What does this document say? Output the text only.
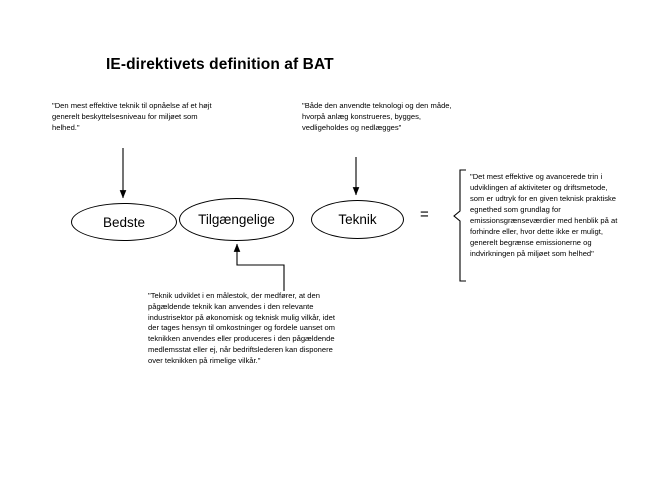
IE-direktivets definition af BAT
"Den mest effektive teknik til opnåelse af et højt generelt beskyttelsesniveau for miljøet som helhed."
"Både den anvendte teknologi og den måde, hvorpå anlæg konstrueres, bygges, vedligeholdes og nedlægges"
"Teknik udviklet i en målestok, der medfører, at den pågældende teknik kan anvendes i den relevante industrisektor på økonomisk og teknisk mulig vilkår, idet der tages hensyn til omkostninger og fordele uanset om teknikken anvendes eller produceres i den pågældende medlemsstat eller ej, når bedriftslederen kan disponere over teknikken på rimelige vilkår."
"Det mest effektive og avancerede trin i udviklingen af aktiviteter og driftsmetode, som er udtryk for en given teknisk praktiske egnethed som grundlag for emissionsgrænseværdier med henblik på at forhindre eller, hvor dette ikke er muligt, generelt begrænse emissionerne og indvirkningen på miljøet som helhed"
Bedste	Tilgængelige	Teknik	=
